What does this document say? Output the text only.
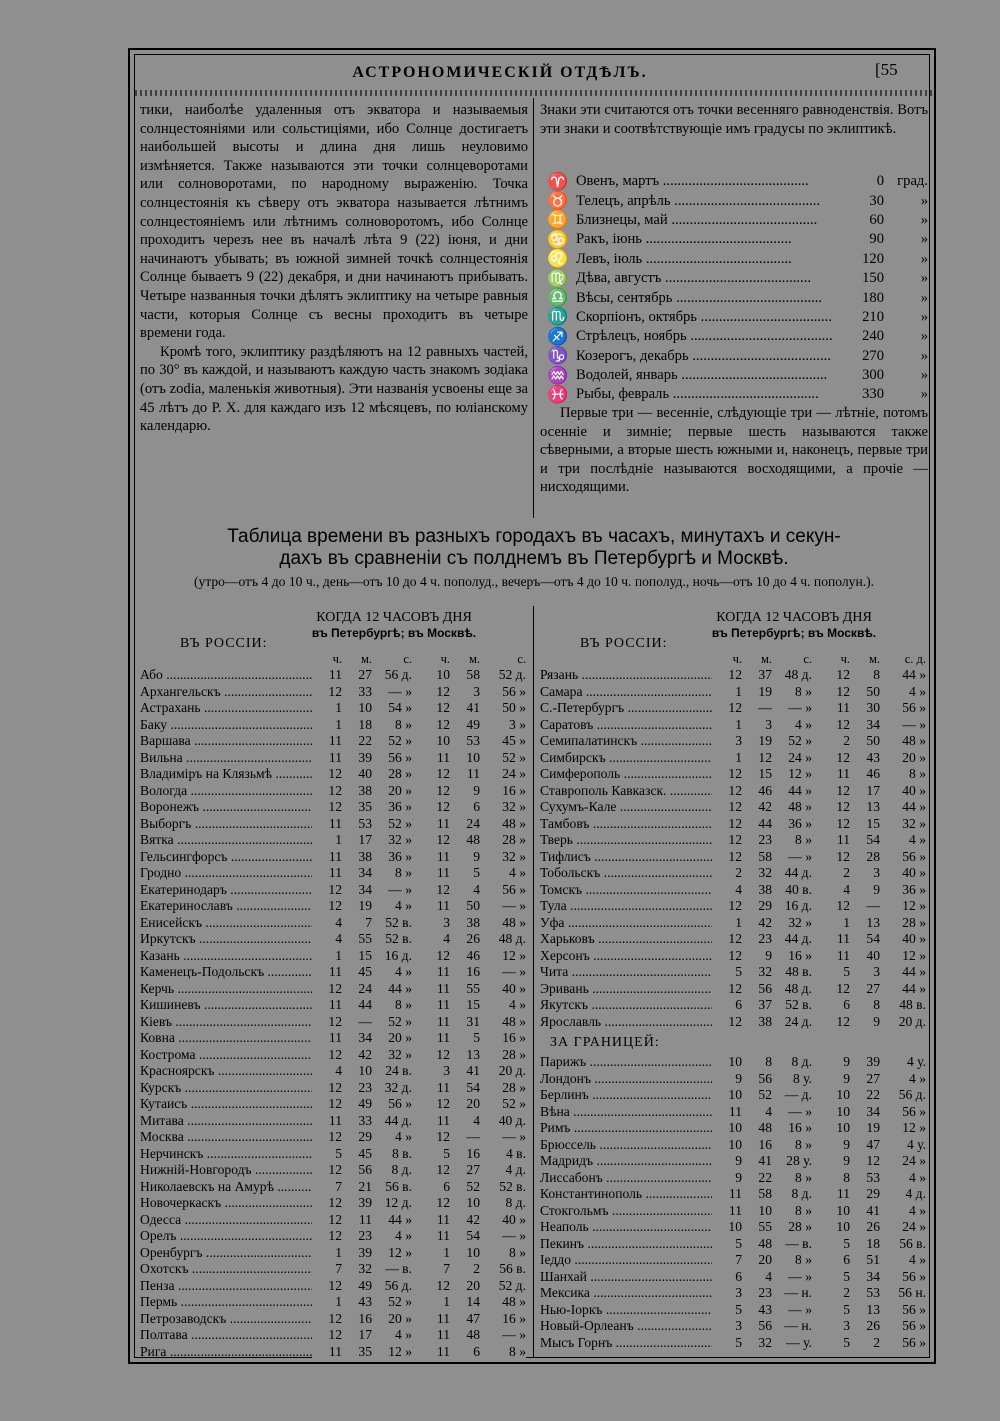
АСТРОНОМИЧЕСКІЙ ОТДѢЛЪ.	[55

тики, наиболѣе удаленныя отъ экватора и называемыя солнцестояніями или сольстиціями, ибо Солнце достигаетъ наибольшей высоты и длина дня лишь неуловимо измѣняется. Также называются эти точки солнцеворотами или солноворотами, по народному выраженію. Точка солнцестоянія къ сѣверу отъ экватора называется лѣтнимъ солнцестояніемъ или лѣтнимъ солноворотомъ, ибо Солнце проходитъ черезъ нее въ началѣ лѣта 9 (22) іюня, и дни начинаютъ убывать; въ южной зимней точкѣ солнцестоянія Солнце бываетъ 9 (22) декабря, и дни начинаютъ прибывать. Четыре названныя точки дѣлятъ эклиптику на четыре равныя части, которыя Солнце съ весны проходитъ въ четыре времени года.

Кромѣ того, эклиптику раздѣляютъ на 12 равныхъ частей, по 30° въ каждой, и называютъ каждую часть знакомъ зодіака (отъ zodia, маленькія животныя). Эти названія усвоены еще за 45 лѣтъ до Р. Х. для каждаго изъ 12 мѣсяцевъ, по юліанскому календарю.

Знаки эти считаются отъ точки весенняго равноденствія. Вотъ эти знаки и соотвѣтствующіе имъ градусы по эклиптикѣ.
♈ Овенъ, мартъ .....	0 град.
♉ Телецъ, апрѣль .....	30	»
♊ Близнецы, май .....	60	»
♋ Ракъ, іюнь .....	90	»
♌ Левъ, іюль .....	120	»
♍ Дѣва, августъ .....	150	»
♎ Вѣсы, сентябрь .....	180	»
♏ Скорпіонъ, октябрь .....	210	»
♐ Стрѣлецъ, ноябрь .....	240	»
♑ Козерогъ, декабрь .....	270	»
♒ Водолей, январь .....	300	»
♓ Рыбы, февраль .....	330	»
Первые три — весенніе, слѣдующіе три — лѣтніе, потомъ осенніе и зимніе; первые шесть называются также сѣверными, а вторые шесть южными и, наконецъ, первые три и три послѣдніе называются восходящими, а прочіе — нисходящими.
Таблица времени въ разныхъ городахъ въ часахъ, минутахъ и секун-
дахъ въ сравненіи съ полднемъ въ Петербургѣ и Москвѣ.
(утро—отъ 4 до 10 ч., день—отъ 10 до 4 ч. пополуд., вечеръ—отъ 4 до 10 ч. пополуд., ночь—отъ 10 до 4 ч. пополун.).
КОГДА 12 ЧАСОВЪ ДНЯ
въ Петербургѣ; въ Москвѣ.
ВЪ РОССІИ:
ч.	м.	с.	ч.	м.	с.
Або .....	11	27 56 д.	10	58	52 д.
Архангельскъ .....	12	33	— »	12	3	56 »
Астрахань .....	1	10	54 »	12	41	50 »
Баку .....	1	18	8 »	12	49	3 »
Варшава .....	11	22	52 »	10	53	45 »
Вильна .....	11	39	56 »	11	10	52 »
Владиміръ на Клязьмѣ .....	12	40	28 »	12	11	24 »
Вологда .....	12	38	20 »	12	9	16 »
Воронежъ .....	12	35	36 »	12	6	32 »
Выборгъ .....	11	53	52 »	11	24	48 »
Вятка .....	1	17	32 »	12	48	28 »
Гельсингфорсъ .....	11	38	36 »	11	9	32 »
Гродно .....	11	34	8 »	11	5	4 »
Екатеринодаръ .....	12	34	— »	12	4	56 »
Екатеринославъ .....	12	19	4 »	11	50	— »
Енисейскъ .....	4	7 52 в.	3	38	48 »
Иркутскъ .....	4	55 52 в.	4	26	48 д.
Казань .....	1	15 16 д.	12	46	12 »
Каменецъ-Подольскъ .....	11	45	4 »	11	16	— »
Керчь .....	12	24	44 »	11	55	40 »
Кишиневъ .....	11	44	8 »	11	15	4 »
Кіевъ .....	12	—	52 »	11	31	48 »
Ковна .....	11	34	20 »	11	5	16 »
Кострома .....	12	42	32 »	12	13	28 »
Красноярскъ .....	4	10 24 в.	3	41	20 д.
Курскъ .....	12	23 32 д.	11	54	28 »
Кутаисъ .....	12	49	56 »	12	20	52 »
Митава .....	11	33 44 д.	11	4	40 д.
Москва .....	12	29	4 »	12	—	— »
Нерчинскъ .....	5	45	8 в.	5	16	4 в.
Нижній-Новгородъ .....	12	56	8 д.	12	27	4 д.
Николаевскъ на Амурѣ .....	7	21 56 в.	6	52	52 в.
Новочеркаскъ .....	12	39 12 д.	12	10	8 д.
Одесса .....	12	11	44 »	11	42	40 »
Орелъ .....	12	23	4 »	11	54	— »
Оренбургъ .....	1	39	12 »	1	10	8 »
Охотскъ .....	7	32 — в.	7	2	56 в.
Пенза .....	12	49 56 д.	12	20	52 д.
Пермь .....	1	43	52 »	1	14	48 »
Петрозаводскъ .....	12	16	20 »	11	47	16 »
Полтава .....	12	17	4 »	11	48	— »
Рига .....	11	35	12 »	11	6	8 »
КОГДА 12 ЧАСОВЪ ДНЯ
въ Петербургѣ; въ Москвѣ.
ВЪ РОССІИ:
ч.	м.	с.	ч.	м.	с. д.
Рязань .....	12	37 48 д.	12	8	44 »
Самара .....	1	19	8 »	12	50	4 »
С.-Петербургъ .....	12	—	— »	11	30	56 »
Саратовъ .....	1	3	4 »	12	34	— »
Семипалатинскъ .....	3	19	52 »	2	50	48 »
Симбирскъ .....	1	12	24 »	12	43	20 »
Симферополь .....	12	15	12 »	11	46	8 »
Ставрополь Кавказск. .....	12	46	44 »	12	17	40 »
Сухумъ-Кале .....	12	42	48 »	12	13	44 »
Тамбовъ .....	12	44	36 »	12	15	32 »
Тверь .....	12	23	8 »	11	54	4 »
Тифлисъ .....	12	58	— »	12	28	56 »
Тобольскъ .....	2	32 44 д.	2	3	40 »
Томскъ .....	4	38 40 в.	4	9	36 »
Тула .....	12	29 16 д.	12	—	12 »
Уфа .....	1	42	32 »	1	13	28 »
Харьковъ .....	12	23 44 д.	11	54	40 »
Херсонъ .....	12	9	16 »	11	40	12 »
Чита .....	5	32 48 в.	5	3	44 »
Эривань .....	12	56 48 д.	12	27	44 »
Якутскъ .....	6	37 52 в.	6	8	48 в.
Ярославль .....	12	38 24 д.	12	9	20 д.
ЗА ГРАНИЦЕЙ:
Парижъ .....	10	8	8 д.	9	39	4 у.
Лондонъ .....	9	56	8 у.	9	27	4 »
Берлинъ .....	10	52 — д.	10	22	56 д.
Вѣна .....	11	4	— »	10	34	56 »
Римъ .....	10	48	16 »	10	19	12 »
Брюссель .....	10	16	8 »	9	47	4 у.
Мадридъ .....	9	41	28 у.	9	12	24 »
Лиссабонъ .....	9	22	8 »	8	53	4 »
Константинополь .....	11	58	8 д.	11	29	4 д.
Стокгольмъ .....	11	10	8 »	10	41	4 »
Неаполь .....	10	55	28 »	10	26	24 »
Пекинъ .....	5	48 — в.	5	18	56 в.
Іеддо .....	7	20	8 »	6	51	4 »
Шанхай .....	6	4	— »	5	34	56 »
Мексика .....	3	23 — н.	2	53	56 н.
Нью-Іоркъ .....	5	43	— »	5	13	56 »
Новый-Орлеанъ .....	3	56 — н.	3	26	56 »
Мысъ Горнъ .....	5	32	— у.	5	2	56 »
